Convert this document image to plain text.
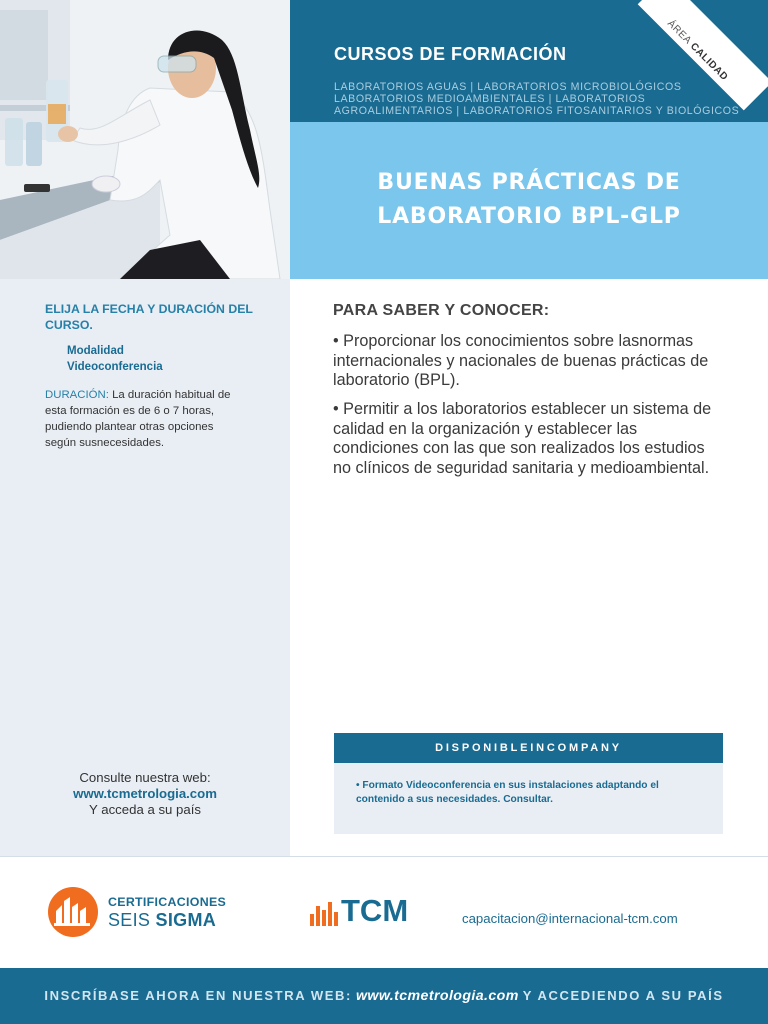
CURSOS DE FORMACIÓN
LABORATORIOS AGUAS | LABORATORIOS MICROBIOLÓGICOS LABORATORIOS MEDIOAMBIENTALES | LABORATORIOS AGROALIMENTARIOS | LABORATORIOS FITOSANITARIOS Y BIOLÓGICOS
ÁREACALIDAD
BUENAS PRÁCTICAS DE
LABORATORIO BPL-GLP
ELIJA LA FECHA Y DURACIÓN DEL CURSO.
Modalidad
Videoconferencia
DURACIÓN: La duración habitual de esta formación es de 6 o 7 horas, pudiendo plantear otras opciones según susnecesidades.
Consulte nuestra web:
www.tcmetrologia.com
Y acceda a su país
PARA SABER Y CONOCER:
• Proporcionar los conocimientos sobre lasnormas internacionales y nacionales de buenas prácticas de laboratorio (BPL).
• Permitir a los laboratorios establecer un sistema de calidad en la organización y establecer las condiciones con las que son realizados los estudios no clínicos de seguridad sanitaria y medioambiental.
DISPONIBLEINCOMPANY

• Formato Videoconferencia en sus instalaciones adaptando el contenido a sus necesidades. Consultar.

CERTIFICACIONES
SEIS SIGMA	TCM	capacitacion@internacional-tcm.com
INSCRÍBASE AHORA EN NUESTRA WEB: www.tcmetrologia.com Y ACCEDIENDO A SU PAÍS
